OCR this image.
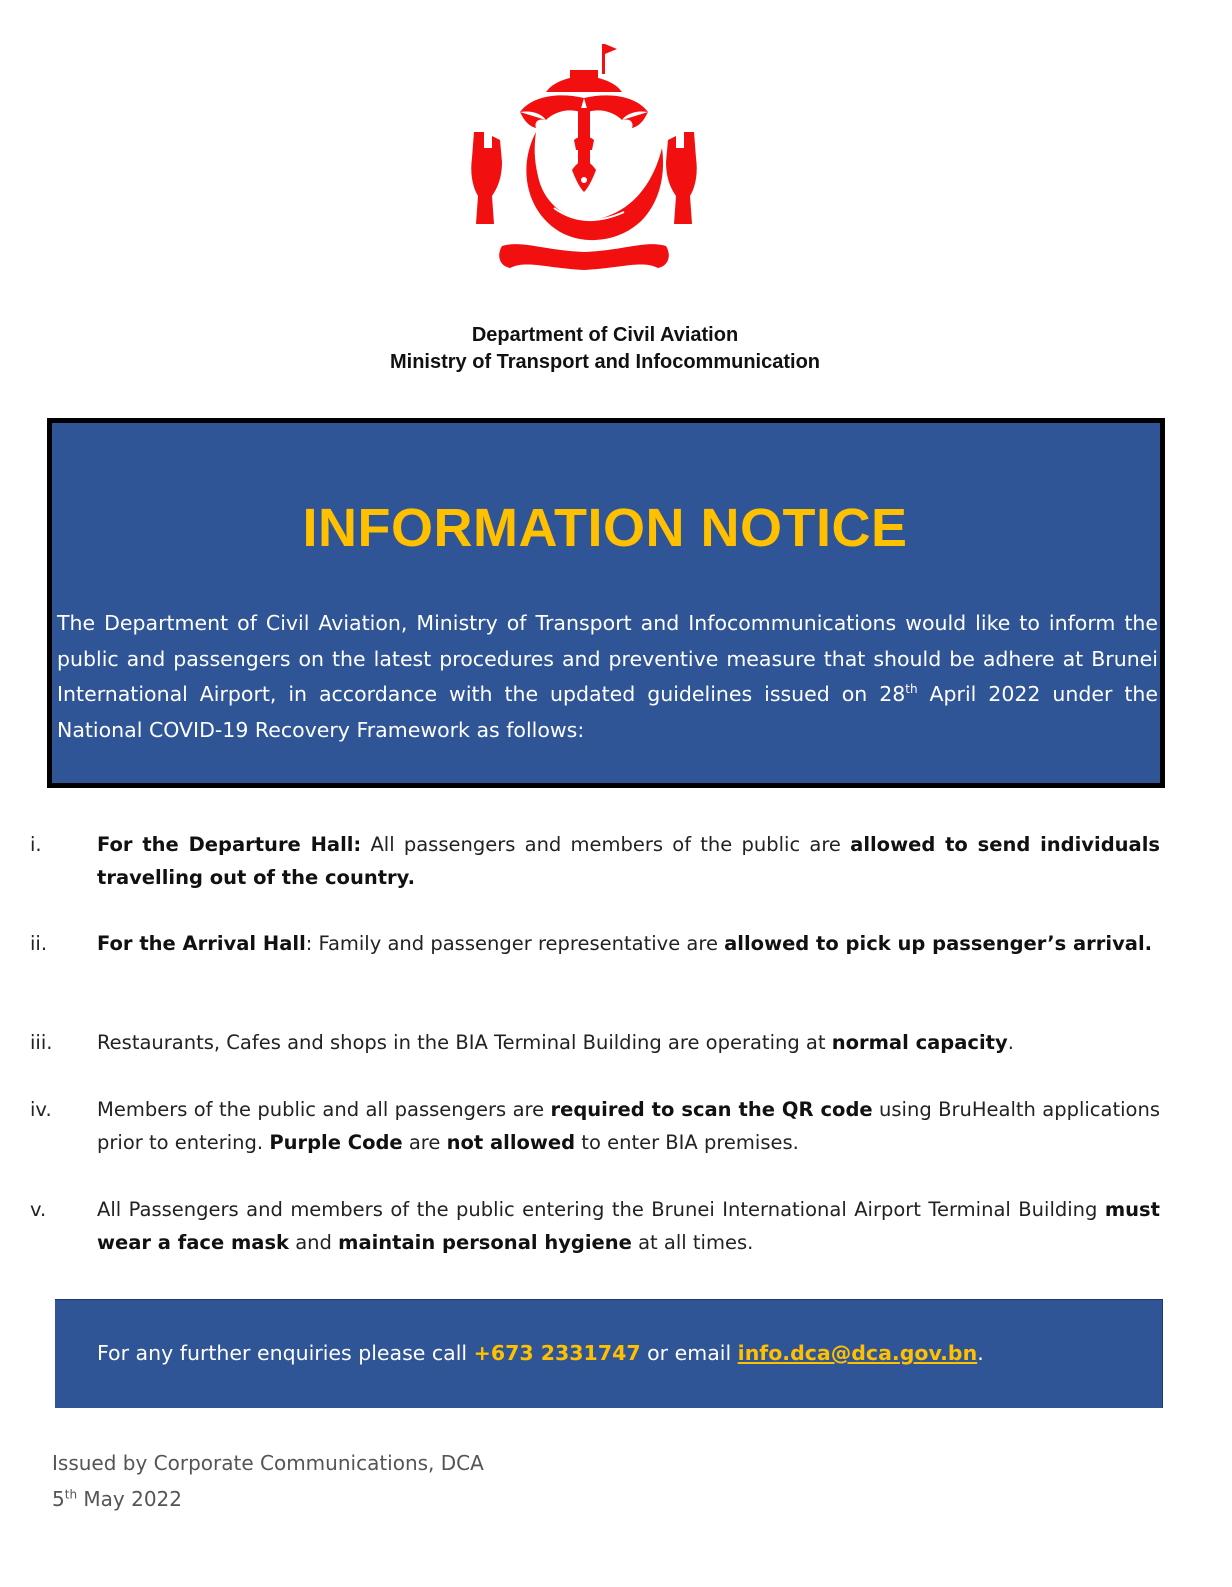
Department of Civil Aviation
Ministry of Transport and Infocommunication
INFORMATION NOTICE
The Department of Civil Aviation, Ministry of Transport and Infocommunications would like to inform the public and passengers on the latest procedures and preventive measure that should be adhere at Brunei International Airport, in accordance with the updated guidelines issued on 28th April 2022 under the National COVID-19 Recovery Framework as follows:
i.	For the Departure Hall: All passengers and members of the public are allowed to send individuals travelling out of the country.
ii.	For the Arrival Hall: Family and passenger representative are allowed to pick up passenger’s arrival.
iii.	Restaurants, Cafes and shops in the BIA Terminal Building are operating at normal capacity.
iv.	Members of the public and all passengers are required to scan the QR code using BruHealth applications prior to entering. Purple Code are not allowed to enter BIA premises.
v.	All Passengers and members of the public entering the Brunei International Airport Terminal Building must wear a face mask and maintain personal hygiene at all times.
For any further enquiries please call +673 2331747 or email info.dca@dca.gov.bn.
Issued by Corporate Communications, DCA
5th May 2022
